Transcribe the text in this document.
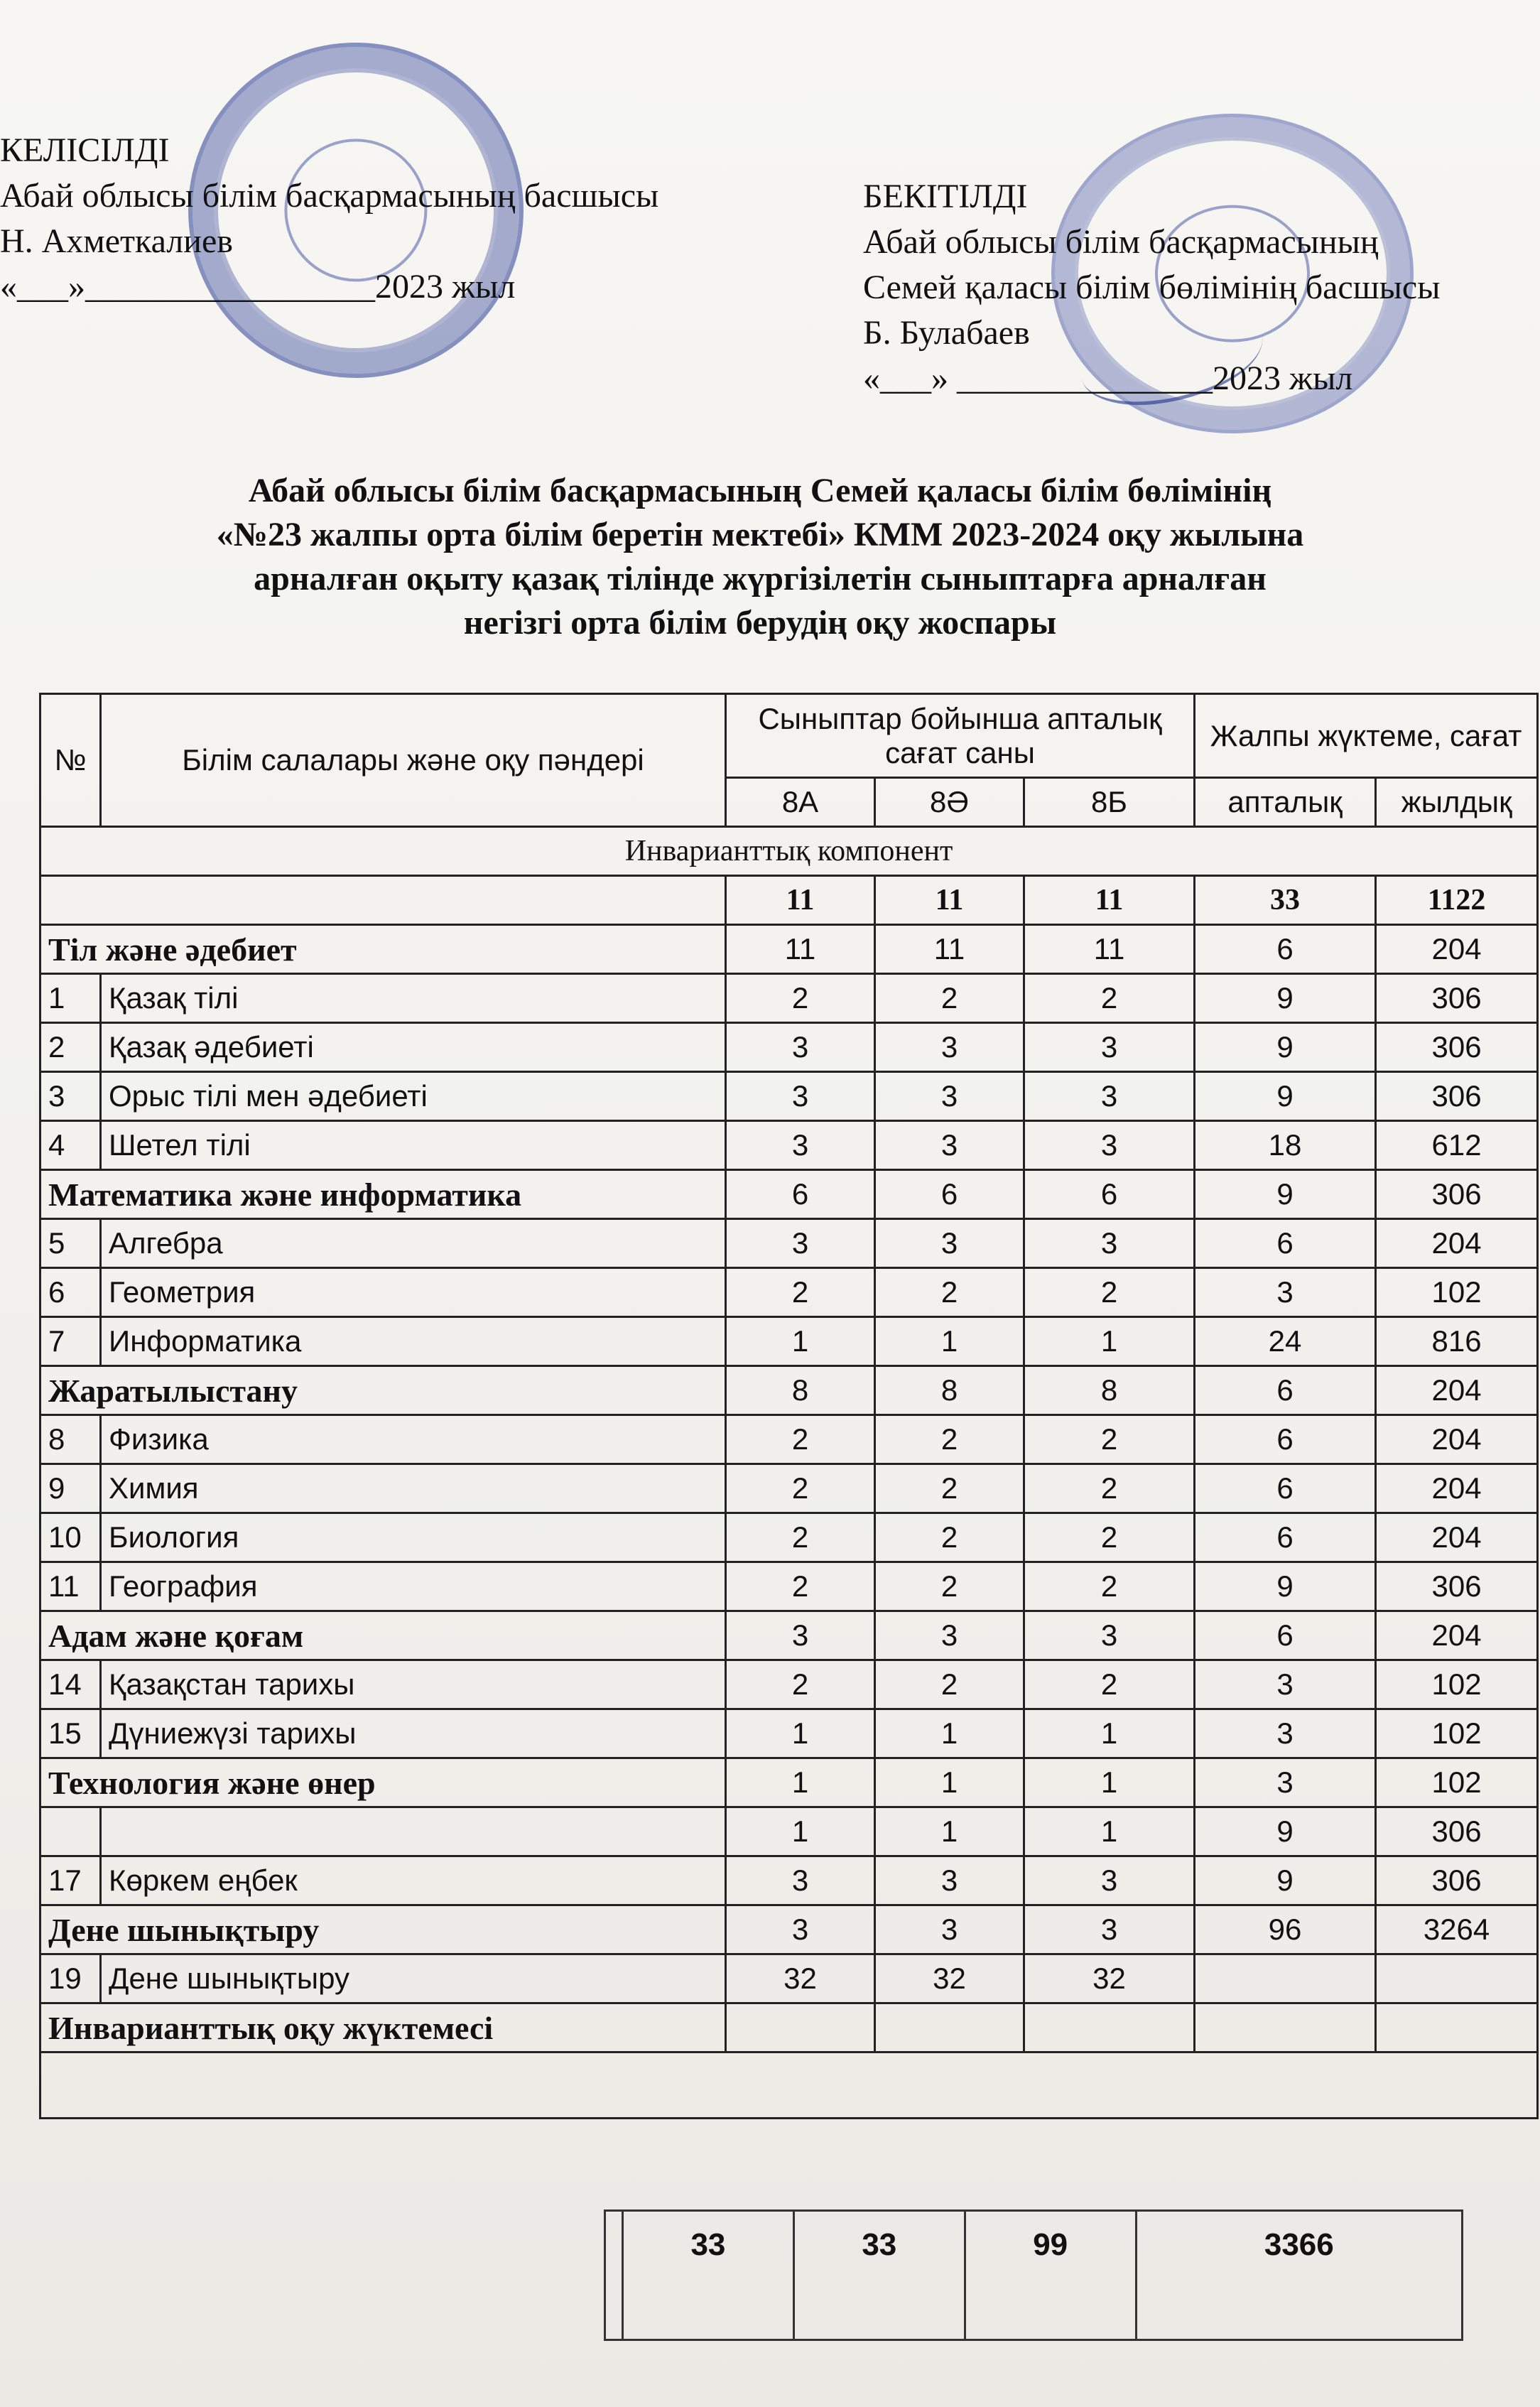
КЕЛІСІЛДІ
Абай облысы білім басқармасының басшысы
Н. Ахметкалиев
«___»_________________2023 жыл
БЕКІТІЛДІ
Абай облысы білім басқармасының
Семей қаласы білім бөлімінің басшысы
Б. Булабаев
«___» _______________2023 жыл
Абай облысы білім басқармасының Семей қаласы білім бөлімінің
«№23 жалпы орта білім беретін мектебі» КММ 2023-2024 оқу жылына
арналған оқыту қазақ тілінде жүргізілетін сыныптарға арналған
негізгі орта білім берудің оқу жоспары
№	Білім салалары және оқу пәндері	Сыныптар бойынша апталық сағат саны			Жалпы жүктеме, сағат	
		8А	8Ә	8Б	апталық	жылдық
Инварианттық компонент						
		11	11	11	33	1122
Тіл және әдебиет		11	11	11	6	204
1	Қазақ тілі	2	2	2	9	306
2	Қазақ әдебиеті	3	3	3	9	306
3	Орыс тілі мен әдебиеті	3	3	3	9	306
4	Шетел тілі	3	3	3	18	612
Математика және информатика		6	6	6	9	306
5	Алгебра	3	3	3	6	204
6	Геометрия	2	2	2	3	102
7	Информатика	1	1	1	24	816
Жаратылыстану		8	8	8	6	204
8	Физика	2	2	2	6	204
9	Химия	2	2	2	6	204
10	Биология	2	2	2	6	204
11	География	2	2	2	9	306
Адам және қоғам		3	3	3	6	204
14	Қазақстан тарихы	2	2	2	3	102
15	Дүниежүзі тарихы	1	1	1	3	102
Технология және өнер		1	1	1	3	102
		1	1	1	9	306
17	Көркем еңбек	3	3	3	9	306
Дене шынықтыру		3	3	3	96	3264
19	Дене шынықтыру	32	32	32		
Инварианттық оқу жүктемесі						

	33	33	99	3366
